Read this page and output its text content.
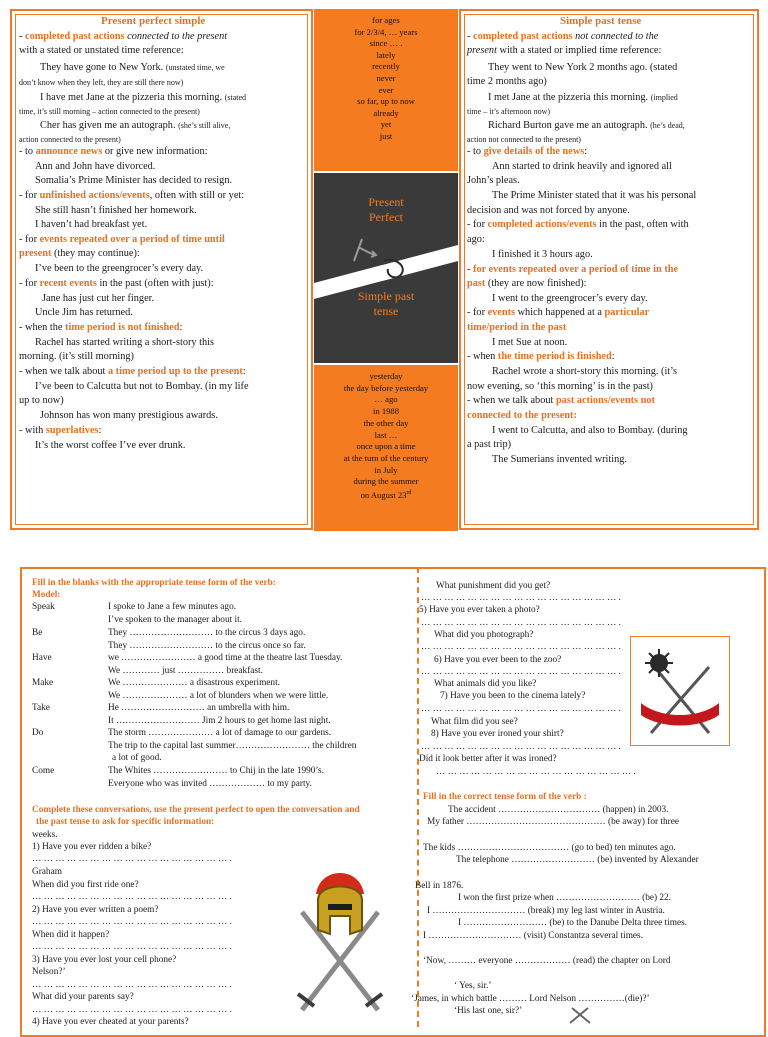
Present perfect simple
- completed past actions connected to the present
with a stated or unstated time reference:
They have gone to New York. (unstated time, we
don’t know when they left, they are still there now)
I have met Jane at the pizzeria this morning. (stated
time, it’s still morning – action connected to the present)
Cher has given me an autograph. (she’s still alive,
action connected to the present)
- to announce news or give new information:
Ann and John have divorced.
Somalia’s Prime Minister has decided to resign.
- for unfinished actions/events, often with still or yet:
She still hasn’t finished her homework.
I haven’t had breakfast yet.
- for events repeated over a period of time until
present (they may continue):
I’ve been to the greengrocer’s every day.
- for recent events in the past (often with just):
Jane has just cut her finger.
Uncle Jim has returned.
- when the time period is not finished:
Rachel has started writing a short-story this
morning. (it’s still morning)
- when we talk about a time period up to the present:
I’ve been to Calcutta but not to Bombay. (in my life
up to now)
Johnson has won many prestigious awards.
- with superlatives:
It’s the worst coffee I’ve ever drunk.
for ages
for 2/3/4, … years
since … .
lately
recently
never
ever
so far, up to now
already
yet
just
Present
Perfect
Simple past
tense
yesterday
the day before yesterday
… ago
in 1988
the other day
last …
once upon a time
at the turn of the century
in July
during the summer
on August 23rd
Simple past tense
- completed past actions not connected to the
present with a stated or implied time reference:
They went to New York 2 months ago. (stated
time 2 months ago)
I met Jane at the pizzeria this morning. (implied
time – it’s afternoon now)
Richard Burton gave me an autograph. (he’s dead,
action not connected to the present)
- to give details of the news:
Ann started to drink heavily and ignored all
John’s pleas.
The Prime Minister stated that it was his personal
decision and was not forced by anyone.
- for completed actions/events in the past, often with
ago:
I finished it 3 hours ago.
- for events repeated over a period of time in the
past (they are now finished):
I went to the greengrocer’s every day.
- for events which happened at a particular
time/period in the past
I met Sue at noon.
- when the time period is finished:
Rachel wrote a short-story this morning. (it’s
now evening, so ‘this morning’ is in the past)
- when we talk about past actions/events not
connected to the present:
I went to Calcutta, and also to Bombay. (during
a past trip)
The Sumerians invented writing.
Fill in the blanks with the appropriate tense form of the verb:
Model:
Speak	I spoke to Jane a few minutes ago.
I’ve spoken to the manager about it.
Be	They ……………………… to the circus 3 days ago.
They ……………………… to the circus once so far.
Have	we …………………… a good time at the theatre last Tuesday.
We ………… just …………… breakfast.
Make	We ………………… a disastrous experiment.
We ………………… a lot of blunders when we were little.
Take	He ……………………… an umbrella with him.
It ……………………… Jim 2 hours to get home last night.
Do	The storm ………………… a lot of damage to our gardens.
The trip to the capital last summer…………………… the children
a lot of good.
Come	The Whites …………………… to Chij in the late 1990’s.
Everyone who was invited ……………… to my party.
Complete these conversations, use the present perfect to open the conversation and
the past tense to ask for specific information:
weeks.
1) Have you ever ridden a bike?
… … … … … … … … … … … … … … … … … .
Graham
When did you first ride one?
… … … … … … … … … … … … … … … … … .
2) Have you ever written a poem?
… … … … … … … … … … … … … … … … … .
When did it happen?
… … … … … … … … … … … … … … … … … .
3) Have you ever lost your cell phone?
Nelson?’
… … … … … … … … … … … … … … … … … .
What did your parents say?
… … … … … … … … … … … … … … … … … .
4) Have you ever cheated at your parents?
What punishment did you get?
… … … … … … … … … … … … … … … … … .
5) Have you ever taken a photo?
… … … … … … … … … … … … … … … … … .
What did you photograph?
… … … … … … … … … … … … … … … … … .
6) Have you ever been to the zoo?
… … … … … … … … … … … … … … … … … .
What animals did you like?
7) Have you been to the cinema lately?
… … … … … … … … … … … … … … … … … .
What film did you see?
8) Have you ever ironed your shirt?
… … … … … … … … … … … … … … … … … .
Did it look better after it was ironed?
… … … … … … … … … … … … … … … … … .
Fill in the correct tense form of the verb :
The accident …………………………… (happen) in 2003.
My father ……………………………………… (be away) for three
The kids ……………………………… (go to bed) ten minutes ago.
The telephone ……………………… (be) invented by Alexander
Bell in 1876.
I won the first prize when ……………………… (be) 22.
I ………………………… (break) my leg last winter in Austria.
I ……………………… (be) to the Danube Delta three times.
I ………………………… (visit) Constantza several times.
‘Now, ……… everyone ……………… (read) the chapter on Lord
‘ Yes, sir.’
‘James, in which battle ……… Lord Nelson ……………(die)?’
‘His last one, sir?’
